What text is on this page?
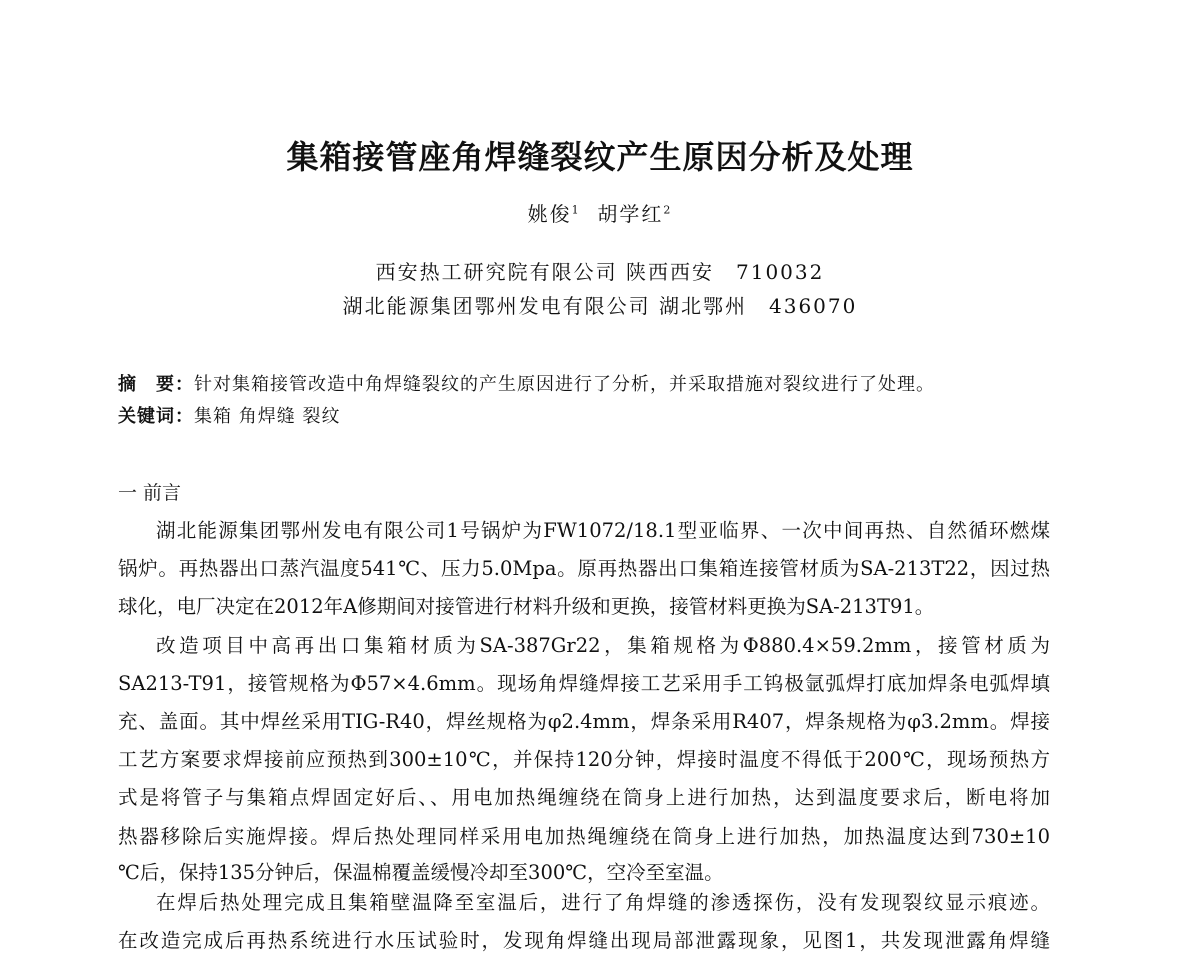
集箱接管座角焊缝裂纹产生原因分析及处理
姚俊$^1$ 胡学红$^2$
西安热工研究院有限公司 陕西西安　710032
湖北能源集团鄂州发电有限公司 湖北鄂州　436070
摘　要：针对集箱接管改造中角焊缝裂纹的产生原因进行了分析，并采取措施对裂纹进行了处理。
关键词：集箱 角焊缝 裂纹
一 前言
湖北能源集团鄂州发电有限公司1号锅炉为FW1072/18.1型亚临界、一次中间再热、自然循环燃煤
锅炉。再热器出口蒸汽温度541℃、压力5.0Mpa。原再热器出口集箱连接管材质为SA-213T22，因过热
球化，电厂决定在2012年A修期间对接管进行材料升级和更换，接管材料更换为SA-213T91。
改造项目中高再出口集箱材质为SA-387Gr22，集箱规格为Φ880.4×59.2mm，接管材质为
SA213-T91，接管规格为Φ57×4.6mm。现场角焊缝焊接工艺采用手工钨极氩弧焊打底加焊条电弧焊填
充、盖面。其中焊丝采用TIG-R40，焊丝规格为φ2.4mm，焊条采用R407，焊条规格为φ3.2mm。焊接
工艺方案要求焊接前应预热到300±10℃，并保持120分钟，焊接时温度不得低于200℃，现场预热方
式是将管子与集箱点焊固定好后、、用电加热绳缠绕在筒身上进行加热，达到温度要求后，断电将加
热器移除后实施焊接。焊后热处理同样采用电加热绳缠绕在筒身上进行加热，加热温度达到730±10
℃后，保持135分钟后，保温棉覆盖缓慢冷却至300℃，空冷至室温。
在焊后热处理完成且集箱壁温降至室温后，进行了角焊缝的渗透探伤，没有发现裂纹显示痕迹。
在改造完成后再热系统进行水压试验时，发现角焊缝出现局部泄露现象，见图1，共发现泄露角焊缝
